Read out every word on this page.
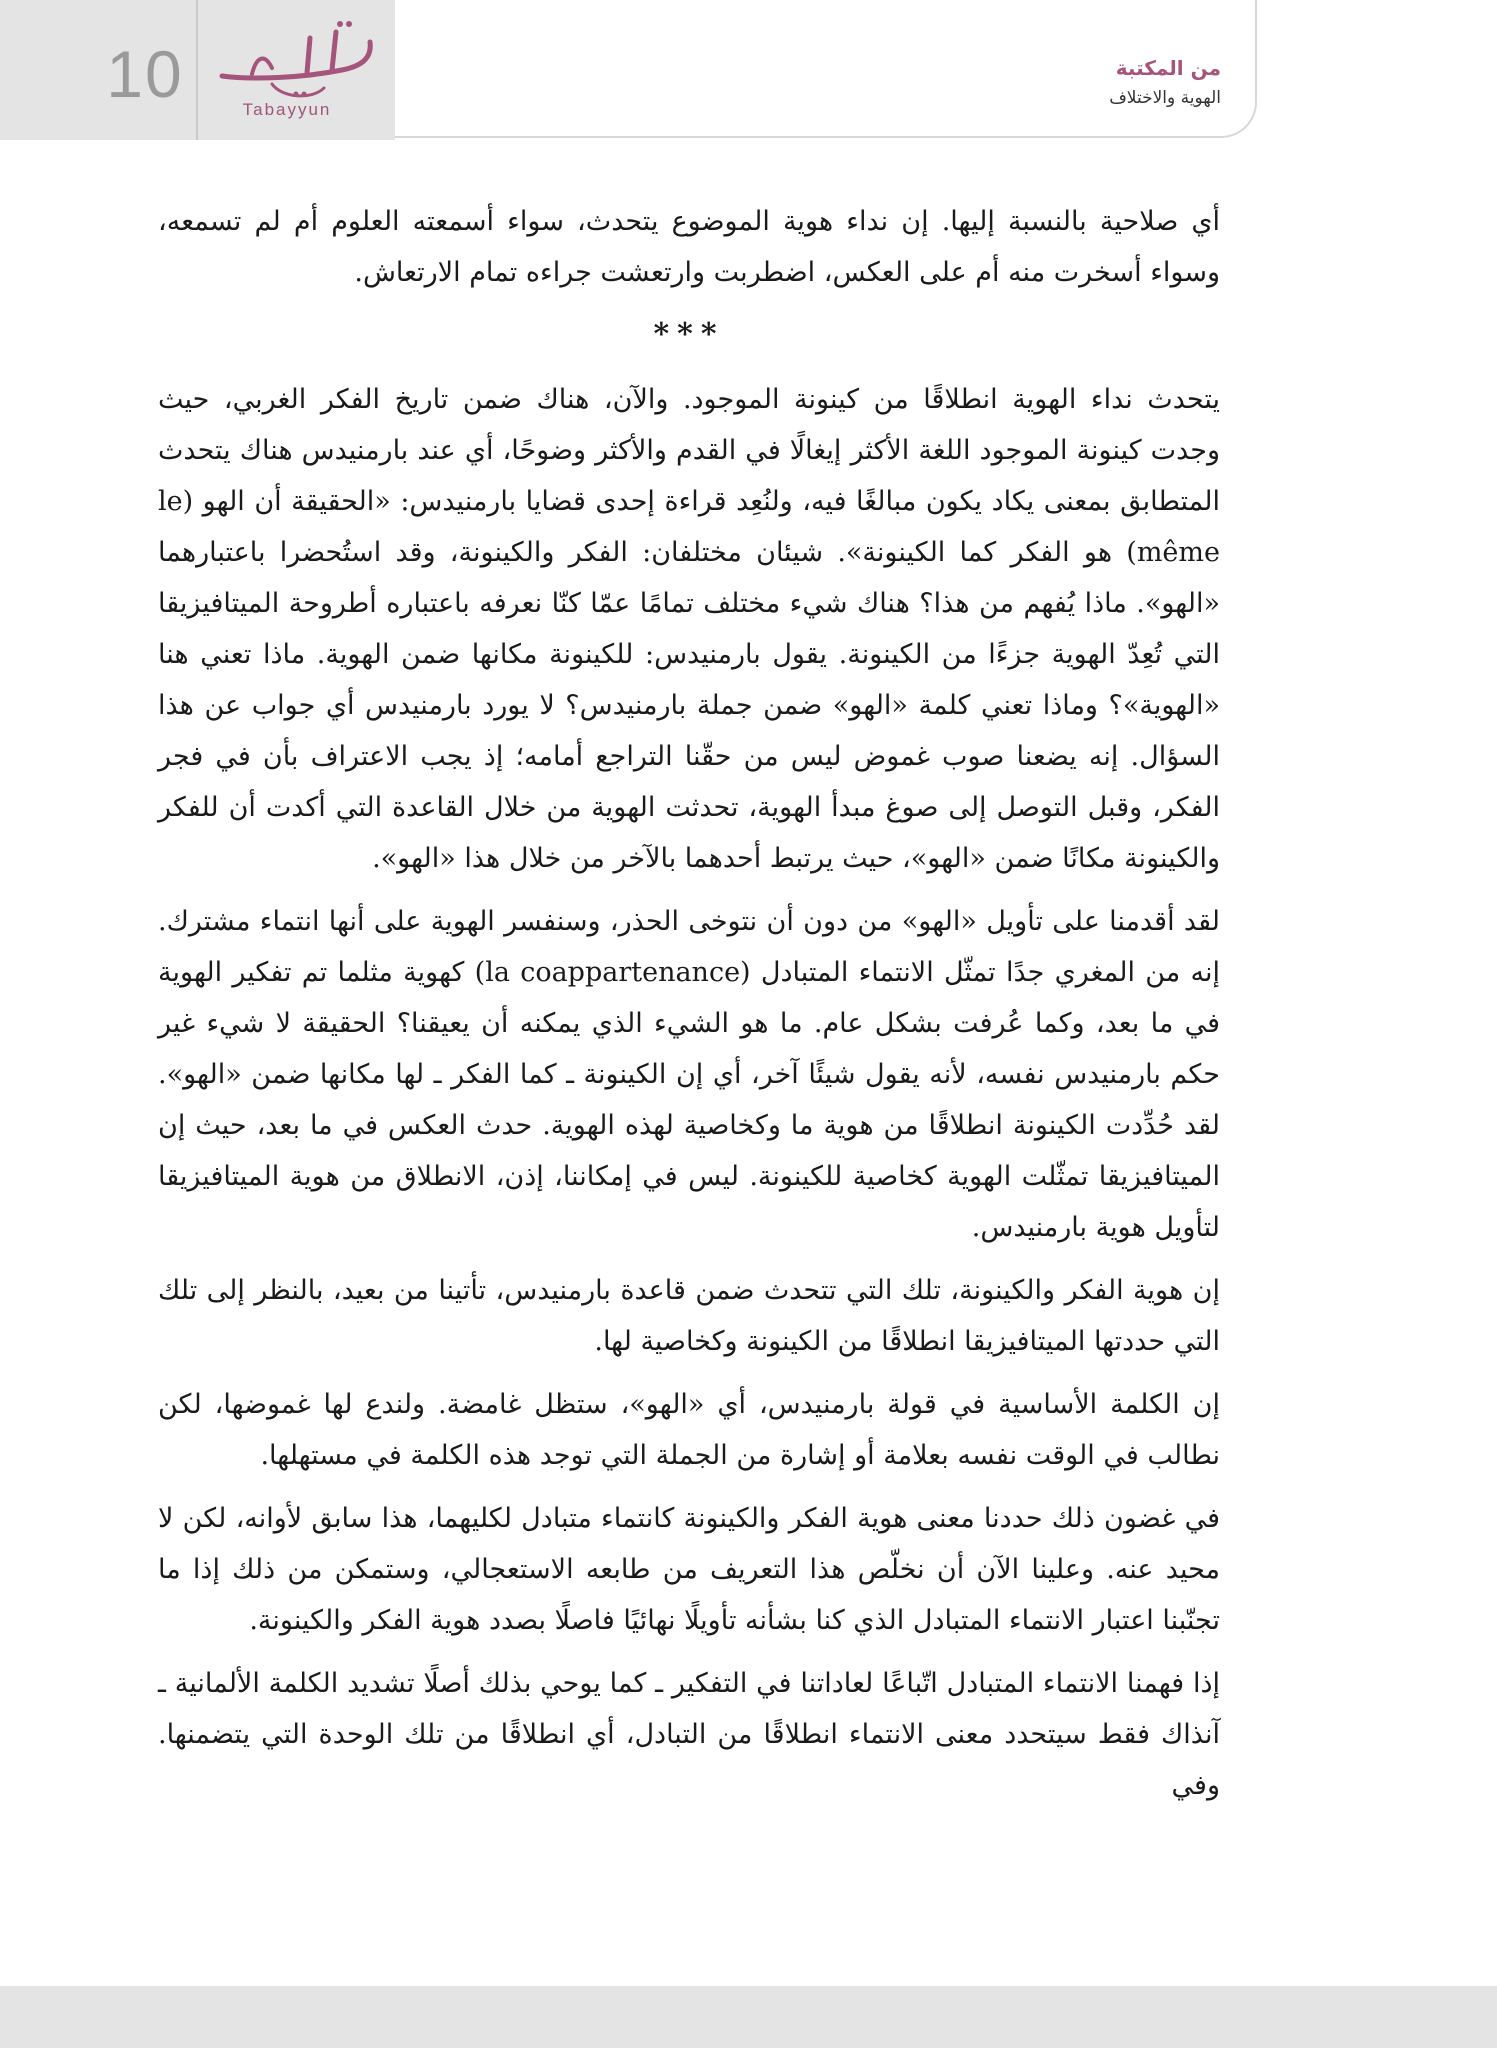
10	Tabayyun
من المكتبة
الهوية والاختلاف

أي صلاحية بالنسبة إليها. إن نداء هوية الموضوع يتحدث، سواء أسمعته العلوم أم لم تسمعه، وسواء أسخرت منه أم على العكس، اضطربت وارتعشت جراءه تمام الارتعاش.

***

يتحدث نداء الهوية انطلاقًا من كينونة الموجود. والآن، هناك ضمن تاريخ الفكر الغربي، حيث وجدت كينونة الموجود اللغة الأكثر إيغالًا في القدم والأكثر وضوحًا، أي عند بارمنيدس هناك يتحدث المتطابق بمعنى يكاد يكون مبالغًا فيه، ولنُعِد قراءة إحدى قضايا بارمنيدس: «الحقيقة أن الهو (le même) هو الفكر كما الكينونة». شيئان مختلفان: الفكر والكينونة، وقد استُحضرا باعتبارهما «الهو». ماذا يُفهم من هذا؟ هناك شيء مختلف تمامًا عمّا كنّا نعرفه باعتباره أطروحة الميتافيزيقا التي تُعِدّ الهوية جزءًا من الكينونة. يقول بارمنيدس: للكينونة مكانها ضمن الهوية. ماذا تعني هنا «الهوية»؟ وماذا تعني كلمة «الهو» ضمن جملة بارمنيدس؟ لا يورد بارمنيدس أي جواب عن هذا السؤال. إنه يضعنا صوب غموض ليس من حقّنا التراجع أمامه؛ إذ يجب الاعتراف بأن في فجر الفكر، وقبل التوصل إلى صوغ مبدأ الهوية، تحدثت الهوية من خلال القاعدة التي أكدت أن للفكر والكينونة مكانًا ضمن «الهو»، حيث يرتبط أحدهما بالآخر من خلال هذا «الهو».

لقد أقدمنا على تأويل «الهو» من دون أن نتوخى الحذر، وسنفسر الهوية على أنها انتماء مشترك. إنه من المغري جدًا تمثّل الانتماء المتبادل (la coappartenance) كهوية مثلما تم تفكير الهوية في ما بعد، وكما عُرفت بشكل عام. ما هو الشيء الذي يمكنه أن يعيقنا؟ الحقيقة لا شيء غير حكم بارمنيدس نفسه، لأنه يقول شيئًا آخر، أي إن الكينونة ـ كما الفكر ـ لها مكانها ضمن «الهو». لقد حُدِّدت الكينونة انطلاقًا من هوية ما وكخاصية لهذه الهوية. حدث العكس في ما بعد، حيث إن الميتافيزيقا تمثّلت الهوية كخاصية للكينونة. ليس في إمكاننا، إذن، الانطلاق من هوية الميتافيزيقا لتأويل هوية بارمنيدس.

إن هوية الفكر والكينونة، تلك التي تتحدث ضمن قاعدة بارمنيدس، تأتينا من بعيد، بالنظر إلى تلك التي حددتها الميتافيزيقا انطلاقًا من الكينونة وكخاصية لها.

إن الكلمة الأساسية في قولة بارمنيدس، أي «الهو»، ستظل غامضة. ولندع لها غموضها، لكن نطالب في الوقت نفسه بعلامة أو إشارة من الجملة التي توجد هذه الكلمة في مستهلها.

في غضون ذلك حددنا معنى هوية الفكر والكينونة كانتماء متبادل لكليهما، هذا سابق لأوانه، لكن لا محيد عنه. وعلينا الآن أن نخلّص هذا التعريف من طابعه الاستعجالي، وستمكن من ذلك إذا ما تجنّبنا اعتبار الانتماء المتبادل الذي كنا بشأنه تأويلًا نهائيًا فاصلًا بصدد هوية الفكر والكينونة.

إذا فهمنا الانتماء المتبادل اتّباعًا لعاداتنا في التفكير ـ كما يوحي بذلك أصلًا تشديد الكلمة الألمانية ـ آنذاك فقط سيتحدد معنى الانتماء انطلاقًا من التبادل، أي انطلاقًا من تلك الوحدة التي يتضمنها. وفي
